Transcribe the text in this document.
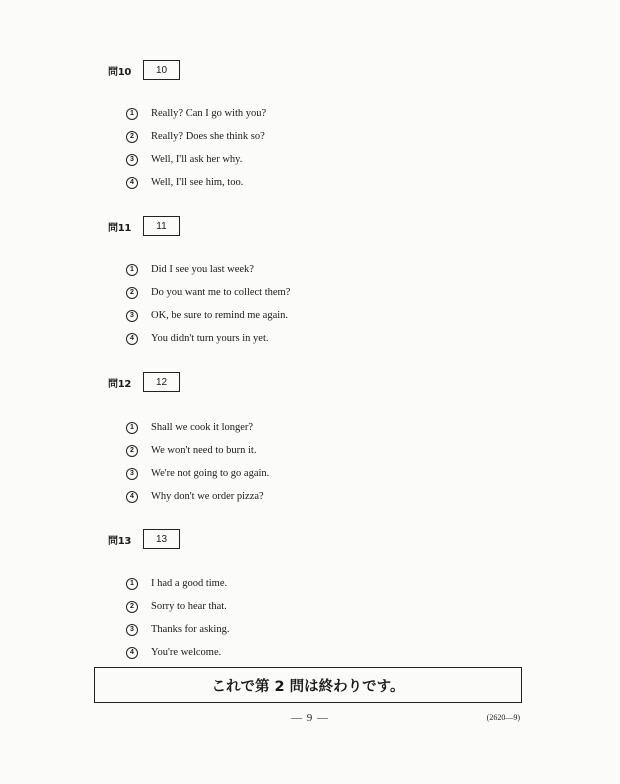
問10	10
1	Really? Can I go with you?
2	Really? Does she think so?
3	Well, I'll ask her why.
4	Well, I'll see him, too.
問11	11
1	Did I see you last week?
2	Do you want me to collect them?
3	OK, be sure to remind me again.
4	You didn't turn yours in yet.
問12	12
1	Shall we cook it longer?
2	We won't need to burn it.
3	We're not going to go again.
4	Why don't we order pizza?
問13	13
1	I had a good time.
2	Sorry to hear that.
3	Thanks for asking.
4	You're welcome.
これで第 2 問は終わりです。
— 9 —	(2620—9)
